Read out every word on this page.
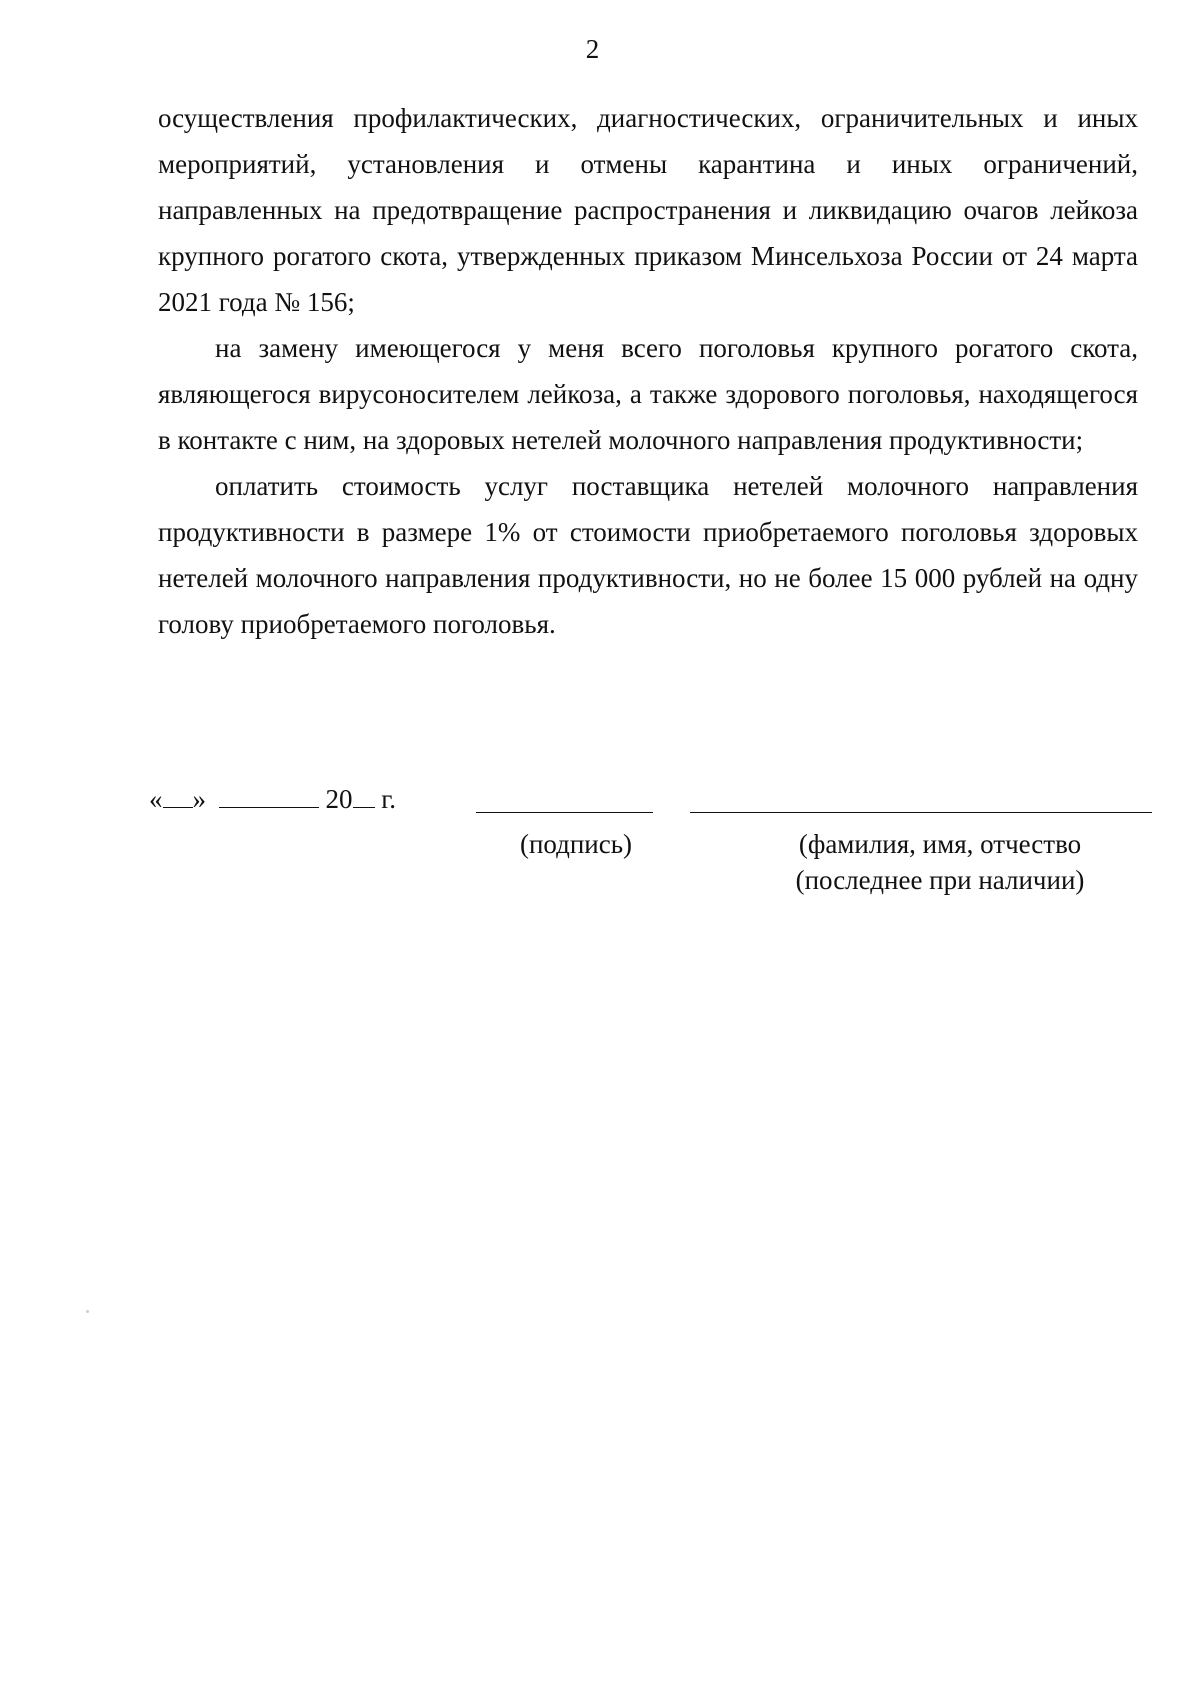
2

осуществления профилактических, диагностических, ограничительных и иных мероприятий, установления и отмены карантина и иных ограничений, направленных на предотвращение распространения и ликвидацию очагов лейкоза крупного рогатого скота, утвержденных приказом Минсельхоза России от 24 марта 2021 года № 156;

на замену имеющегося у меня всего поголовья крупного рогатого скота, являющегося вирусоносителем лейкоза, а также здорового поголовья, находящегося в контакте с ним, на здоровых нетелей молочного направления продуктивности;

оплатить стоимость услуг поставщика нетелей молочного направления продуктивности в размере 1% от стоимости приобретаемого поголовья здоровых нетелей молочного направления продуктивности, но не более 15 000 рублей на одну голову приобретаемого поголовья.

« »	20 г.
(подпись)	(фамилия, имя, отчество
(последнее при наличии)
